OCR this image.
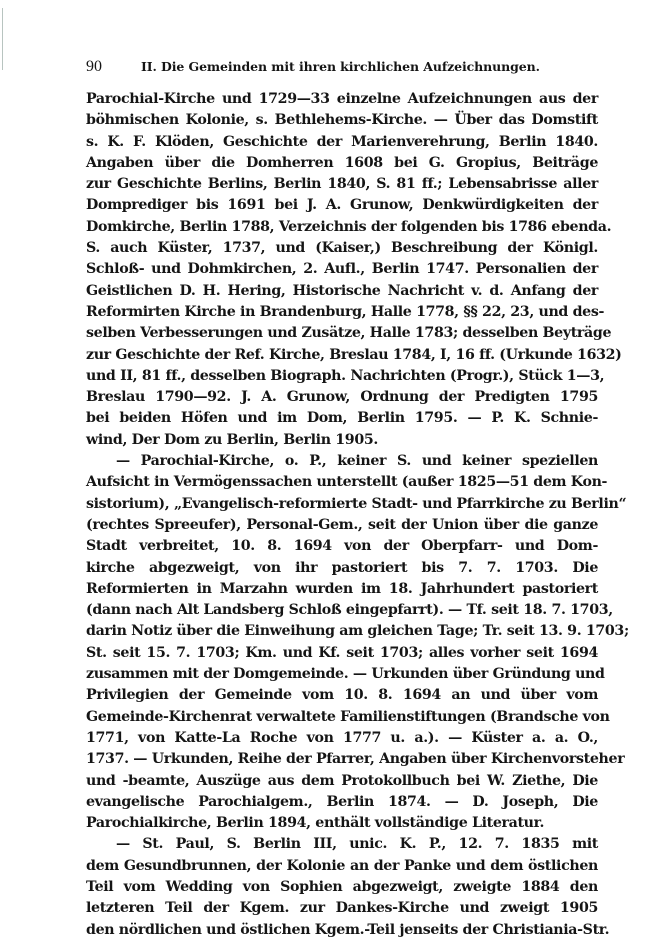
90	II. Die Gemeinden mit ihren kirchlichen Aufzeichnungen.
Parochial-Kirche und 1729—33 einzelne Aufzeichnungen aus der
böhmischen Kolonie, s. Bethlehems-Kirche. — Über das Domstift
s. K. F. Klöden, Geschichte der Marienverehrung, Berlin 1840.
Angaben über die Domherren 1608 bei G. Gropius, Beiträge
zur Geschichte Berlins, Berlin 1840, S. 81 ff.; Lebensabrisse aller
Domprediger bis 1691 bei J. A. Grunow, Denkwürdigkeiten der
Domkirche, Berlin 1788, Verzeichnis der folgenden bis 1786 ebenda.
S. auch Küster, 1737, und (Kaiser,) Beschreibung der Königl.
Schloß- und Dohmkirchen, 2. Aufl., Berlin 1747. Personalien der
Geistlichen D. H. Hering, Historische Nachricht v. d. Anfang der
Reformirten Kirche in Brandenburg, Halle 1778, §§ 22, 23, und des-
selben Verbesserungen und Zusätze, Halle 1783; desselben Beyträge
zur Geschichte der Ref. Kirche, Breslau 1784, I, 16 ff. (Urkunde 1632)
und II, 81 ff., desselben Biograph. Nachrichten (Progr.), Stück 1—3,
Breslau 1790—92. J. A. Grunow, Ordnung der Predigten 1795
bei beiden Höfen und im Dom, Berlin 1795. — P. K. Schnie-
wind, Der Dom zu Berlin, Berlin 1905.
— Parochial-Kirche, o. P., keiner S. und keiner speziellen
Aufsicht in Vermögenssachen unterstellt (außer 1825—51 dem Kon-
sistorium), „Evangelisch-reformierte Stadt- und Pfarrkirche zu Berlin“
(rechtes Spreeufer), Personal-Gem., seit der Union über die ganze
Stadt verbreitet, 10. 8. 1694 von der Oberpfarr- und Dom-
kirche abgezweigt, von ihr pastoriert bis 7. 7. 1703. Die
Reformierten in Marzahn wurden im 18. Jahrhundert pastoriert
(dann nach Alt Landsberg Schloß eingepfarrt). — Tf. seit 18. 7. 1703,
darin Notiz über die Einweihung am gleichen Tage; Tr. seit 13. 9. 1703;
St. seit 15. 7. 1703; Km. und Kf. seit 1703; alles vorher seit 1694
zusammen mit der Domgemeinde. — Urkunden über Gründung und
Privilegien der Gemeinde vom 10. 8. 1694 an und über vom
Gemeinde-Kirchenrat verwaltete Familienstiftungen (Brandsche von
1771, von Katte-La Roche von 1777 u. a.). — Küster a. a. O.,
1737. — Urkunden, Reihe der Pfarrer, Angaben über Kirchenvorsteher
und -beamte, Auszüge aus dem Protokollbuch bei W. Ziethe, Die
evangelische Parochialgem., Berlin 1874. — D. Joseph, Die
Parochialkirche, Berlin 1894, enthält vollständige Literatur.
— St. Paul, S. Berlin III, unic. K. P., 12. 7. 1835 mit
dem Gesundbrunnen, der Kolonie an der Panke und dem östlichen
Teil vom Wedding von Sophien abgezweigt, zweigte 1884 den
letzteren Teil der Kgem. zur Dankes-Kirche und zweigt 1905
den nördlichen und östlichen Kgem.-Teil jenseits der Christiania-Str.
